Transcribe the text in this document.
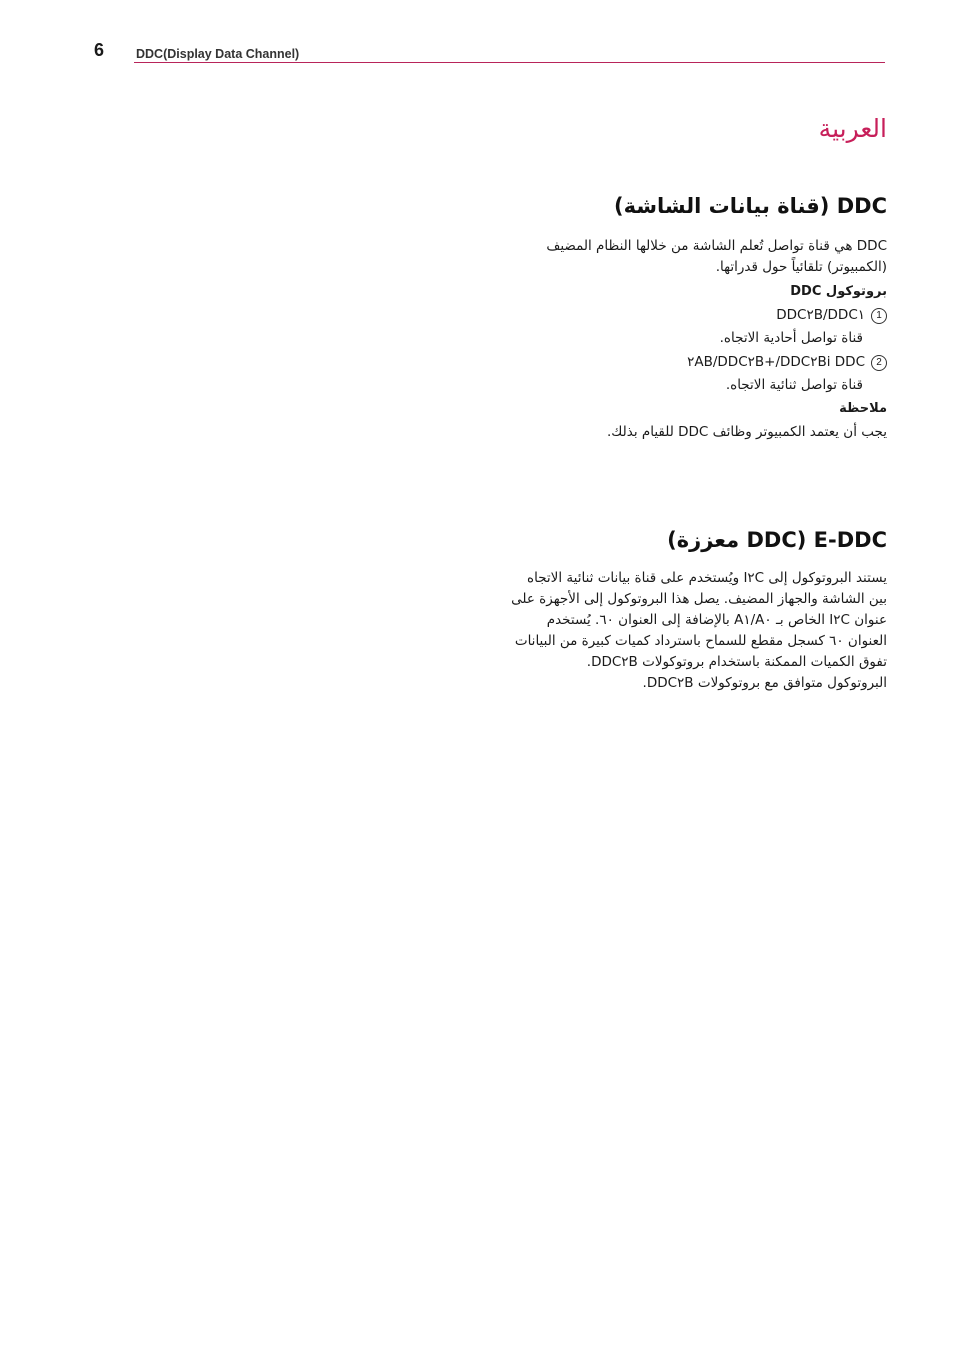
6	DDC(Display Data Channel)
العربية
DDC (قناة بيانات الشاشة)
DDC هي قناة تواصل تُعلم الشاشة من خلالها النظام المضيف
(الكمبيوتر) تلقائياً حول قدراتها.
بروتوكول DDC
1
DDC١/DDC٢B
قناة تواصل أحادية الاتجاه.
2
DDC ٢AB/DDC٢B+/DDC٢Bi
قناة تواصل ثنائية الاتجاه.
ملاحظة
يجب أن يعتمد الكمبيوتر وظائف DDC للقيام بذلك.
E-DDC (DDC معززة)
يستند البروتوكول إلى I٢C ويُستخدم على قناة بيانات ثنائية الاتجاه
بين الشاشة والجهاز المضيف. يصل هذا البروتوكول إلى الأجهزة على
عنوان I٢C الخاص بـ A٠/A١ بالإضافة إلى العنوان ٦٠. يُستخدم
العنوان ٦٠ كسجل مقطع للسماح باسترداد كميات كبيرة من البيانات
تفوق الكميات الممكنة باستخدام بروتوكولات DDC٢B.
البروتوكول متوافق مع بروتوكولات DDC٢B.
